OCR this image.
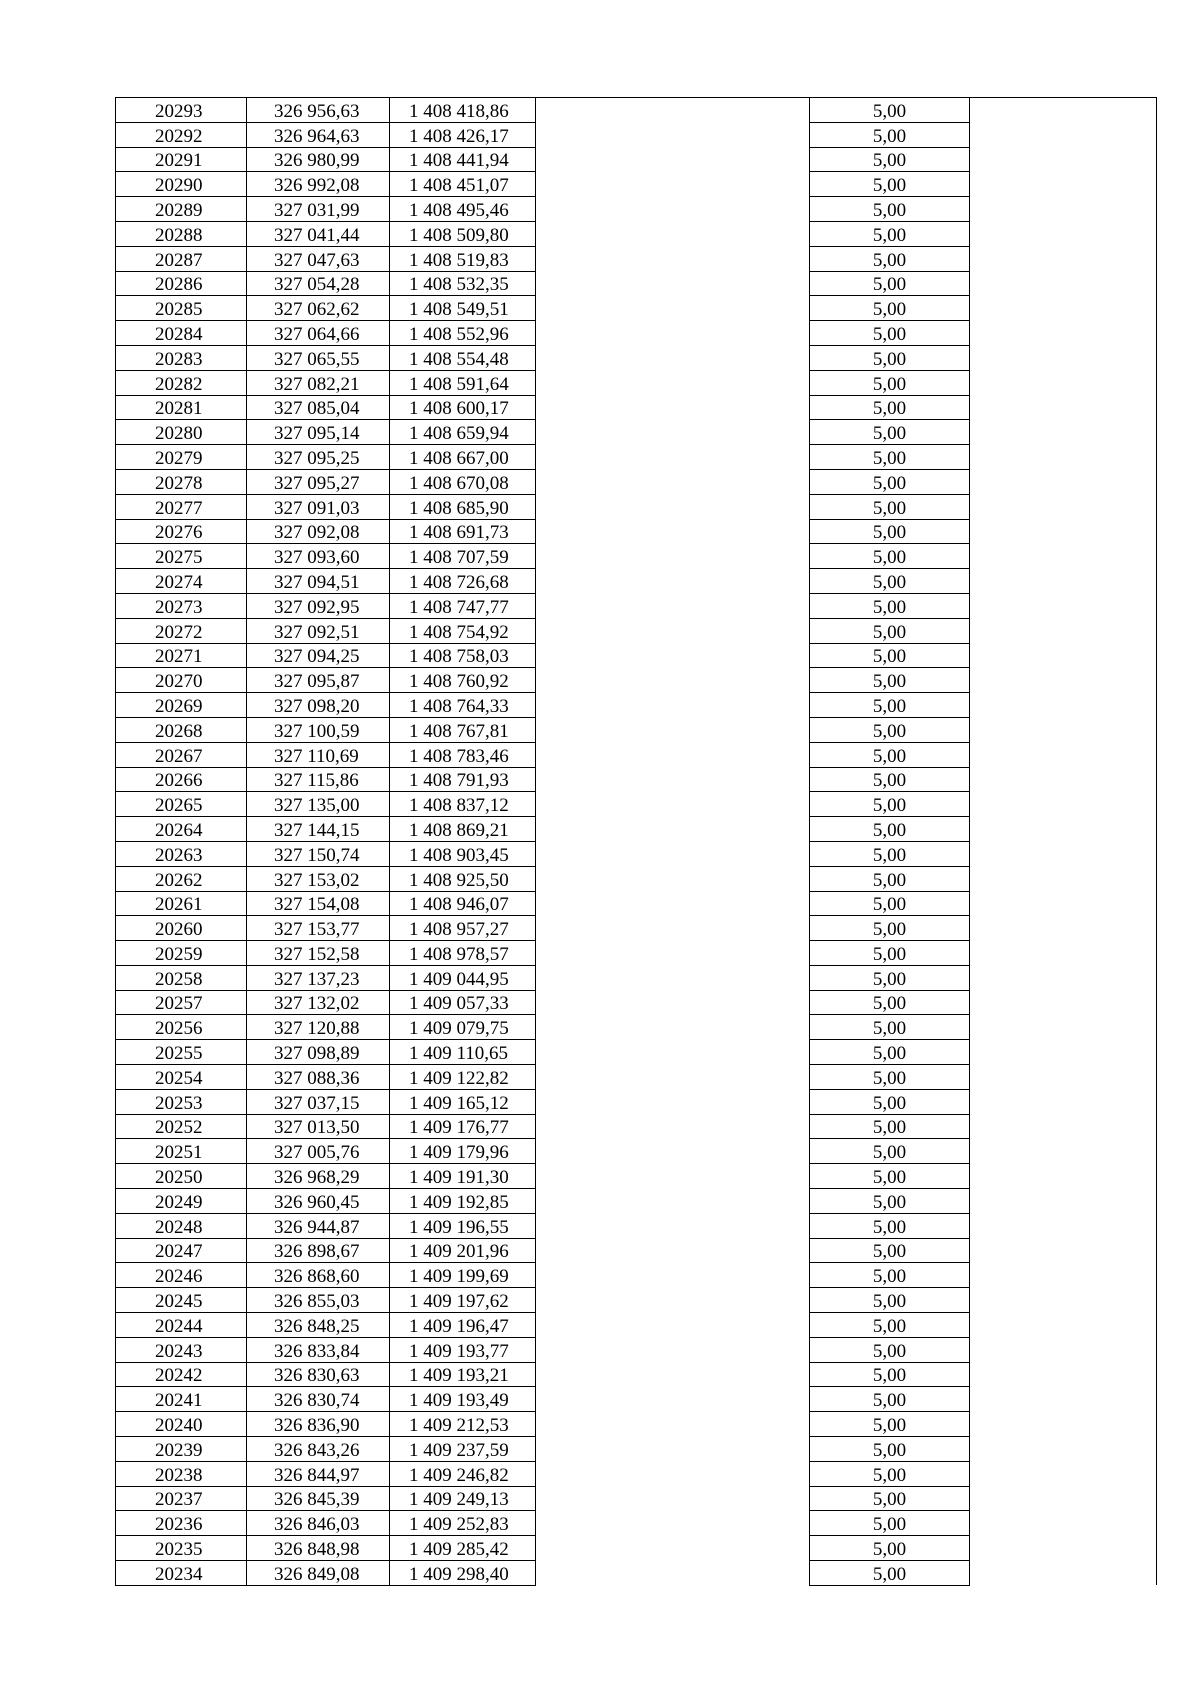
20293	326 956,63	1 408 418,86		5,00	
20292	326 964,63	1 408 426,17		5,00	
20291	326 980,99	1 408 441,94		5,00	
20290	326 992,08	1 408 451,07		5,00	
20289	327 031,99	1 408 495,46		5,00	
20288	327 041,44	1 408 509,80		5,00	
20287	327 047,63	1 408 519,83		5,00	
20286	327 054,28	1 408 532,35		5,00	
20285	327 062,62	1 408 549,51		5,00	
20284	327 064,66	1 408 552,96		5,00	
20283	327 065,55	1 408 554,48		5,00	
20282	327 082,21	1 408 591,64		5,00	
20281	327 085,04	1 408 600,17		5,00	
20280	327 095,14	1 408 659,94		5,00	
20279	327 095,25	1 408 667,00		5,00	
20278	327 095,27	1 408 670,08		5,00	
20277	327 091,03	1 408 685,90		5,00	
20276	327 092,08	1 408 691,73		5,00	
20275	327 093,60	1 408 707,59		5,00	
20274	327 094,51	1 408 726,68		5,00	
20273	327 092,95	1 408 747,77		5,00	
20272	327 092,51	1 408 754,92		5,00	
20271	327 094,25	1 408 758,03		5,00	
20270	327 095,87	1 408 760,92		5,00	
20269	327 098,20	1 408 764,33		5,00	
20268	327 100,59	1 408 767,81		5,00	
20267	327 110,69	1 408 783,46		5,00	
20266	327 115,86	1 408 791,93		5,00	
20265	327 135,00	1 408 837,12		5,00	
20264	327 144,15	1 408 869,21		5,00	
20263	327 150,74	1 408 903,45		5,00	
20262	327 153,02	1 408 925,50		5,00	
20261	327 154,08	1 408 946,07		5,00	
20260	327 153,77	1 408 957,27		5,00	
20259	327 152,58	1 408 978,57		5,00	
20258	327 137,23	1 409 044,95		5,00	
20257	327 132,02	1 409 057,33		5,00	
20256	327 120,88	1 409 079,75		5,00	
20255	327 098,89	1 409 110,65		5,00	
20254	327 088,36	1 409 122,82		5,00	
20253	327 037,15	1 409 165,12		5,00	
20252	327 013,50	1 409 176,77		5,00	
20251	327 005,76	1 409 179,96		5,00	
20250	326 968,29	1 409 191,30		5,00	
20249	326 960,45	1 409 192,85		5,00	
20248	326 944,87	1 409 196,55		5,00	
20247	326 898,67	1 409 201,96		5,00	
20246	326 868,60	1 409 199,69		5,00	
20245	326 855,03	1 409 197,62		5,00	
20244	326 848,25	1 409 196,47		5,00	
20243	326 833,84	1 409 193,77		5,00	
20242	326 830,63	1 409 193,21		5,00	
20241	326 830,74	1 409 193,49		5,00	
20240	326 836,90	1 409 212,53		5,00	
20239	326 843,26	1 409 237,59		5,00	
20238	326 844,97	1 409 246,82		5,00	
20237	326 845,39	1 409 249,13		5,00	
20236	326 846,03	1 409 252,83		5,00	
20235	326 848,98	1 409 285,42		5,00	
20234	326 849,08	1 409 298,40		5,00	
